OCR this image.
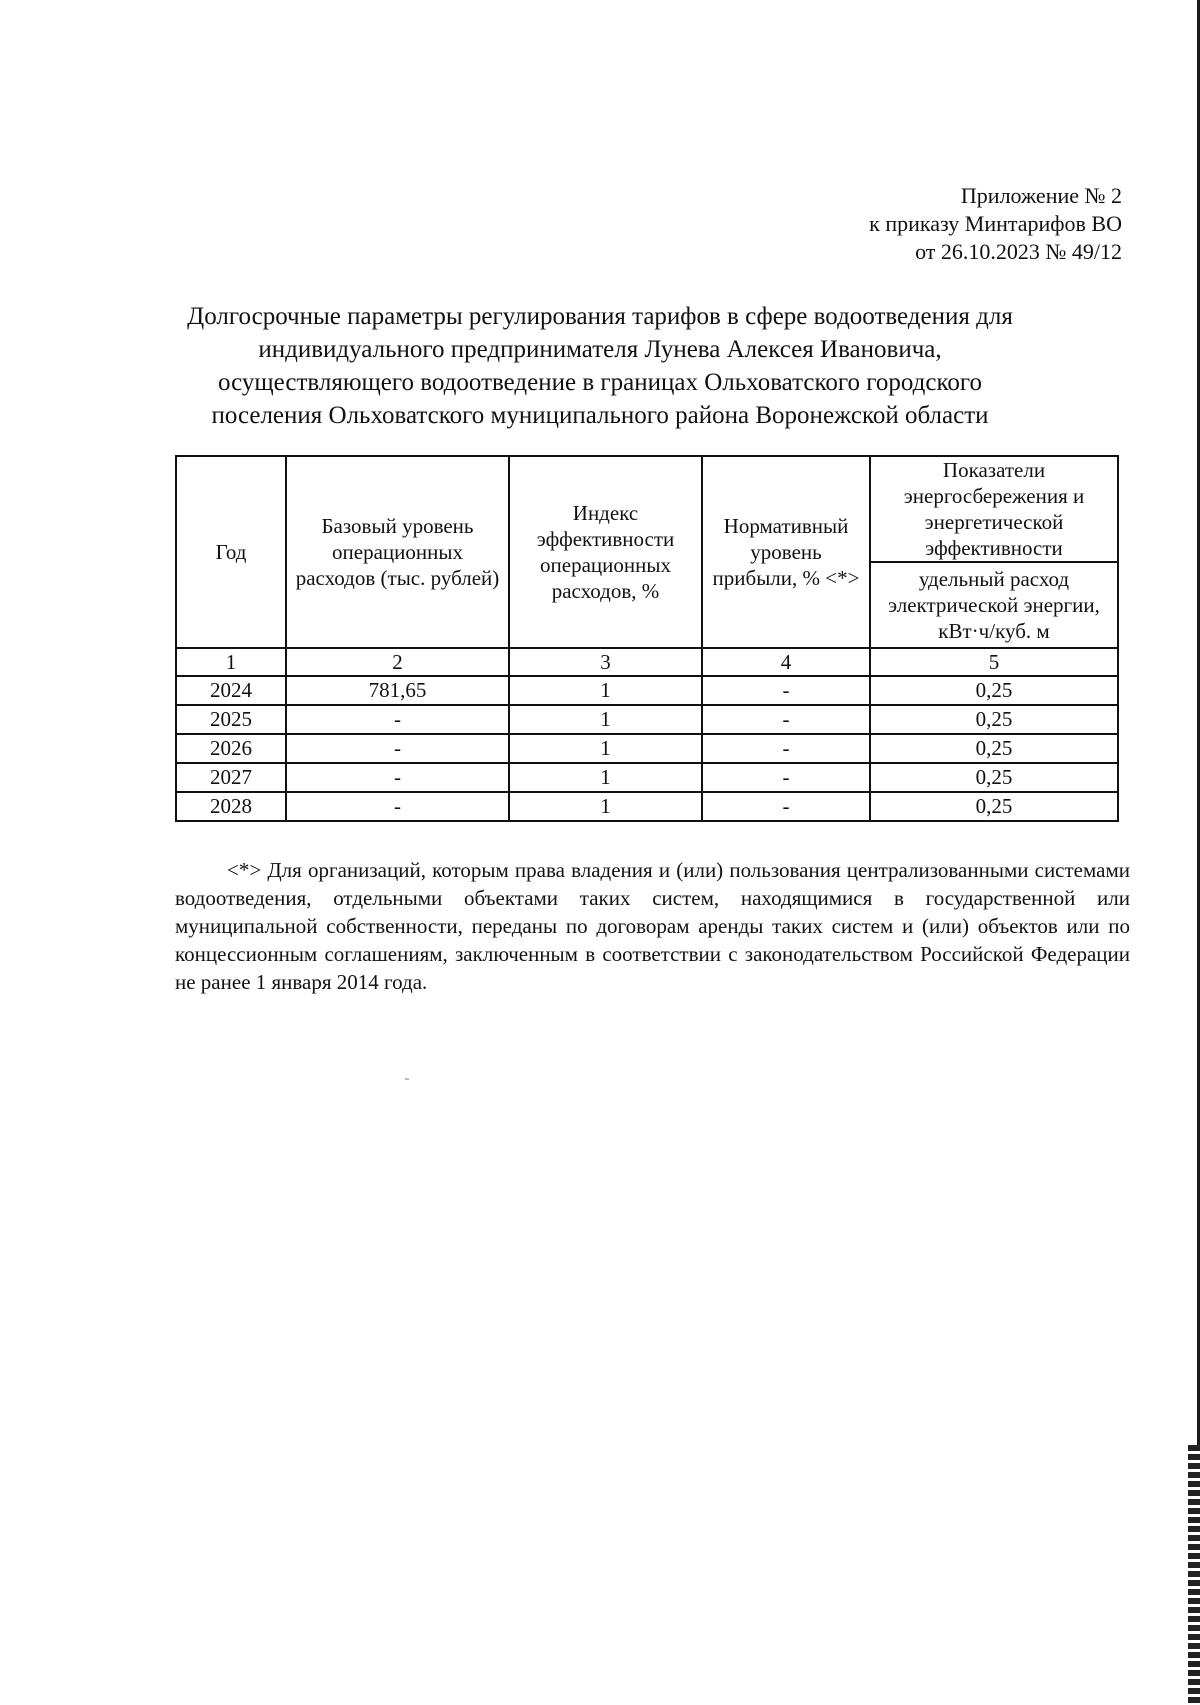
Приложение № 2
к приказу Минтарифов ВО
от 26.10.2023 № 49/12
Долгосрочные параметры регулирования тарифов в сфере водоотведения для
индивидуального предпринимателя Лунева Алексея Ивановича,
осуществляющего водоотведение в границах Ольховатского городского
поселения Ольховатского муниципального района Воронежской области
Год	Базовый уровень операционных расходов (тыс. рублей)	Индекс эффективности операционных расходов, %	Нормативный уровень прибыли, % <*>	Показатели энергосбережения и энергетической эффективности
				удельный расход электрической энергии, кВт·ч/куб. м
1	2	3	4	5
2024	781,65	1	-	0,25
2025	-	1	-	0,25
2026	-	1	-	0,25
2027	-	1	-	0,25
2028	-	1	-	0,25
<*> Для организаций, которым права владения и (или) пользования централизованными системами водоотведения, отдельными объектами таких систем, находящимися в государственной или муниципальной собственности, переданы по договорам аренды таких систем и (или) объектов или по концессионным соглашениям, заключенным в соответствии с законодательством Российской Федерации не ранее 1 января 2014 года.
